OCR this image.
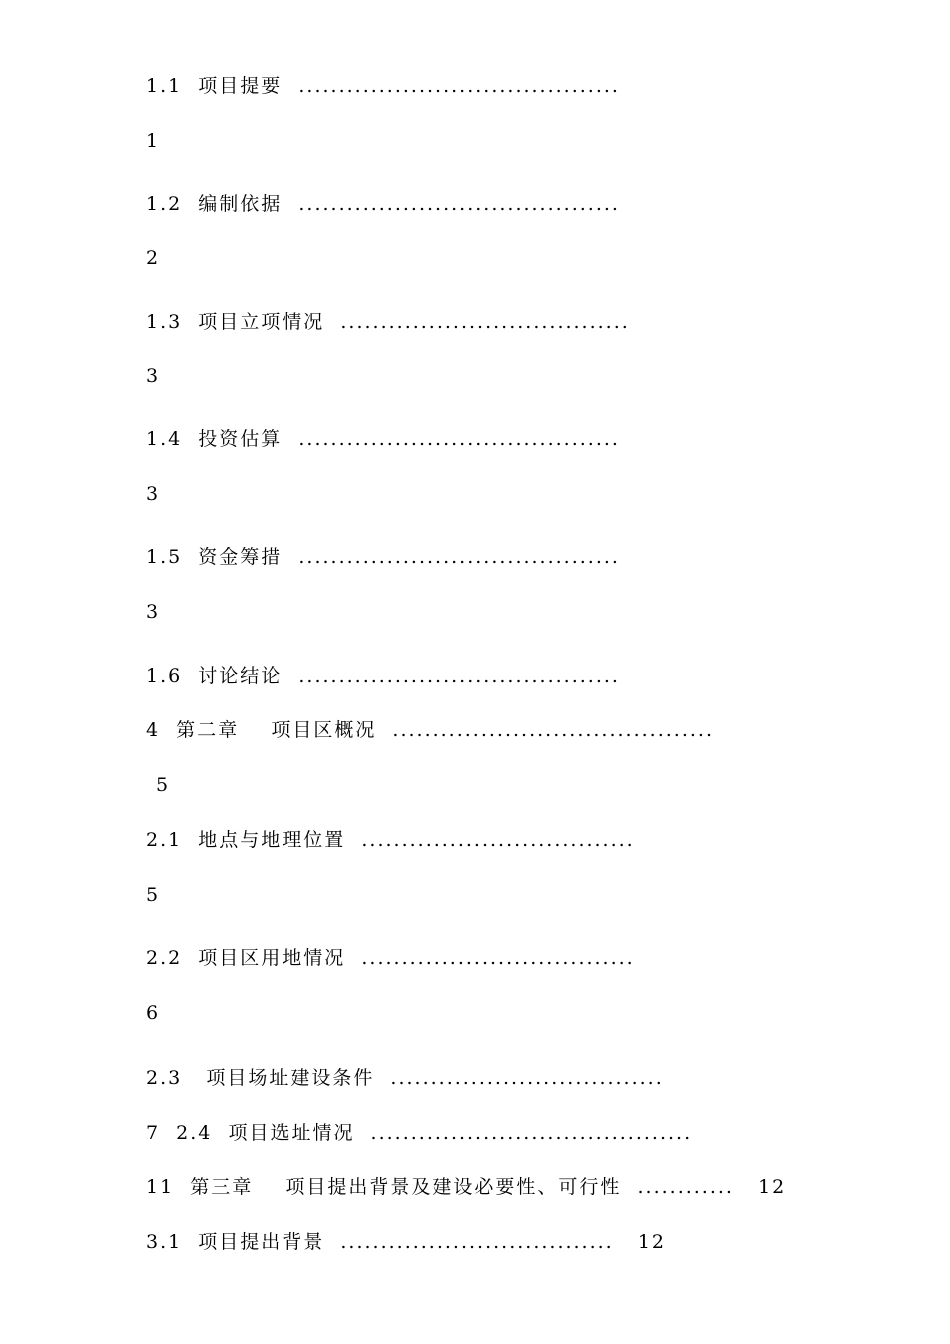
1.1  项目提要  ........................................
1
1.2  编制依据  ........................................
2
1.3  项目立项情况  ....................................
3
1.4  投资估算  ........................................
3
1.5  资金筹措  ........................................
3
1.6  讨论结论  ........................................
4  第二章    项目区概况  ........................................
5
2.1  地点与地理位置  ..................................
5
2.2  项目区用地情况  ..................................
6
2.3   项目场址建设条件  ..................................
7  2.4  项目选址情况  ........................................
11  第三章    项目提出背景及建设必要性、可行性  ............   12
3.1  项目提出背景  ..................................   12
